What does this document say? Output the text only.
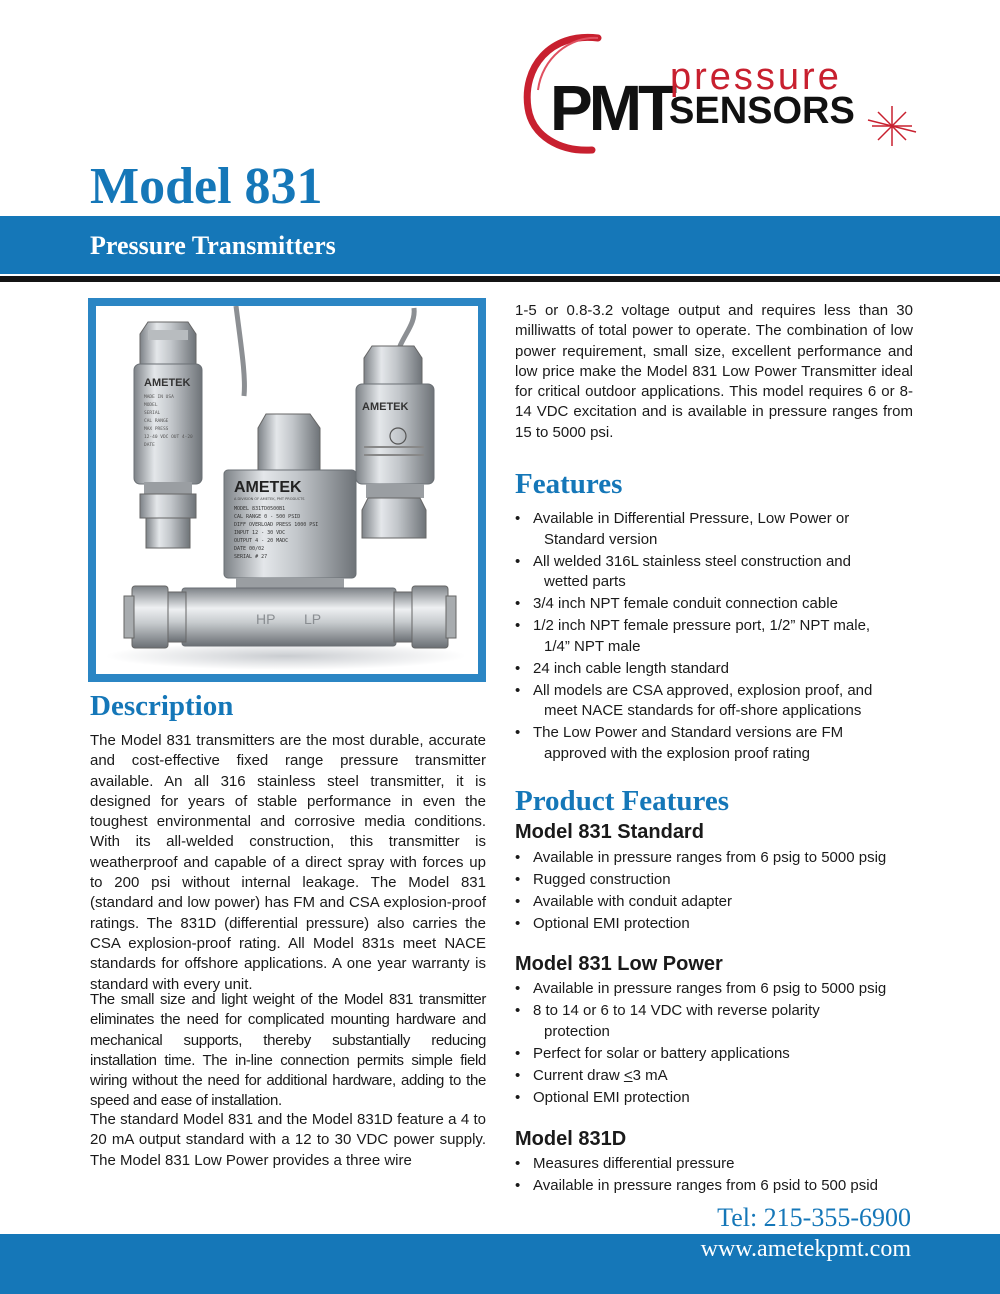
PMT
pressure
SENSORS
Model 831
Pressure Transmitters
AMETEK
MADE IN USA
MODEL
SERIAL
CAL RANGE
MAX PRESS
12-40 VDC OUT 4-20
DATE
AMETEK
AMETEK
A DIVISION OF AMETEK, PMT PRODUCTS
MODEL 831TD0500B1
CAL RANGE 0 - 500 PSID
DIFF OVERLOAD PRESS 1000 PSI
INPUT 12 - 30 VDC
OUTPUT 4 - 20 MADC
DATE 00/02
SERIAL # 27
HP LP
Description

The Model 831 transmitters are the most durable, accurate and cost-effective fixed range pressure transmitter available. An all 316 stainless steel transmitter, it is designed for years of stable performance in even the toughest environmental and corrosive media conditions. With its all-welded construction, this transmitter is weatherproof and capable of a direct spray with forces up to 200 psi without internal leakage. The Model 831 (standard and low power) has FM and CSA explosion-proof ratings. The 831D (differential pressure) also carries the CSA explosion-proof rating. All Model 831s meet NACE standards for offshore applications. A one year warranty is standard with every unit.

The small size and light weight of the Model 831 transmitter eliminates the need for complicated mounting hardware and mechanical supports, thereby substantially reducing installation time. The in-line connection permits simple field wiring without the need for additional hardware, adding to the speed and ease of installation.

The standard Model 831 and the Model 831D feature a 4 to 20 mA output standard with a 12 to 30 VDC power supply. The Model 831 Low Power provides a three wire

1-5 or 0.8-3.2 voltage output and requires less than 30 milliwatts of total power to operate. The combination of low power requirement, small size, excellent performance and low price make the Model 831 Low Power Transmitter ideal for critical outdoor applications. This model requires 6 or 8-14 VDC excitation and is available in pressure ranges from 15 to 5000 psi.

Features
• Available in Differential Pressure, Low Power or
Standard version
• All welded 316L stainless steel construction and
wetted parts
• 3/4 inch NPT female conduit connection cable
• 1/2 inch NPT female pressure port, 1/2” NPT male,
1/4” NPT male
• 24 inch cable length standard
• All models are CSA approved, explosion proof, and
meet NACE standards for off-shore applications
• The Low Power and Standard versions are FM
approved with the explosion proof rating
Product Features
Model 831 Standard
• Available in pressure ranges from 6 psig to 5000 psig
• Rugged construction
• Available with conduit adapter
• Optional EMI protection
Model 831 Low Power
• Available in pressure ranges from 6 psig to 5000 psig
• 8 to 14 or 6 to 14 VDC with reverse polarity
protection
• Perfect for solar or battery applications
• Current draw <3 mA
• Optional EMI protection
Model 831D
• Measures differential pressure
• Available in pressure ranges from 6 psid to 500 psid
Tel: 215-355-6900
www.ametekpmt.com
